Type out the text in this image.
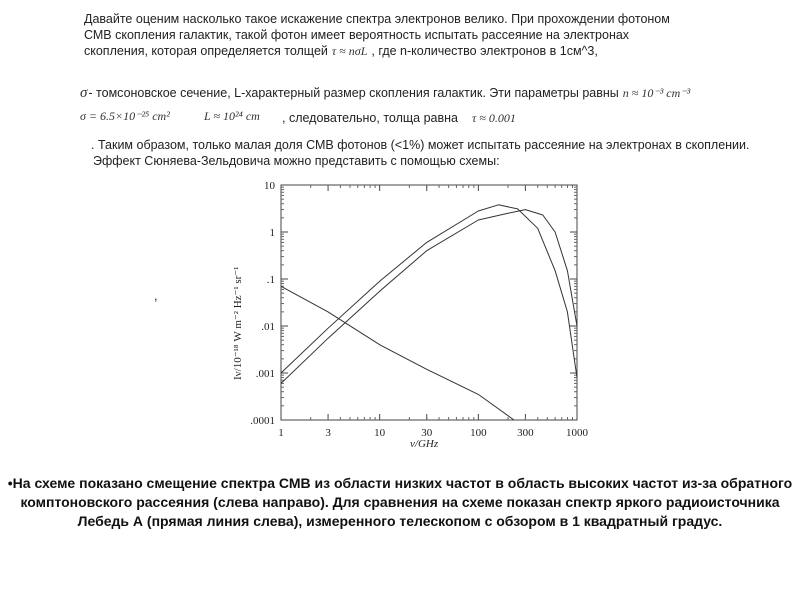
Давайте оценим насколько такое искажение спектра электронов велико. При прохождении фотоном
СМВ скопления галактик, такой фотон имеет вероятность испытать рассеяние на электронах
скопления, которая определяется толщей τ ≈ nσL , где n-количество электронов в 1см^3,
σ - томсоновское сечение, L-характерный размер скопления галактик. Эти параметры равны n ≈ 10⁻³ cm⁻³
σ = 6.5×10⁻²⁵ cm²	L ≈ 10²⁴ cm , следовательно, толща равна τ ≈ 0.001
. Таким образом, только малая доля СМВ фотонов (<1%) может испытать рассеяние на электронах в скоплении.
Эффект Сюняева-Зельдовича можно представить с помощью схемы:
,
1	3	10	30	100	300	1000
10
1
.1
.01
.001
.0001
ν/GHz
Iν/10⁻¹⁸ W m⁻² Hz⁻¹ sr⁻¹
•На схеме показано смещение спектра СМВ из области низких частот в область высоких частот из-за обратного комптоновского рассеяния (слева направо). Для сравнения на схеме показан спектр яркого радиоисточника Лебедь А (прямая линия слева), измеренного телескопом с обзором в 1 квадратный градус.
